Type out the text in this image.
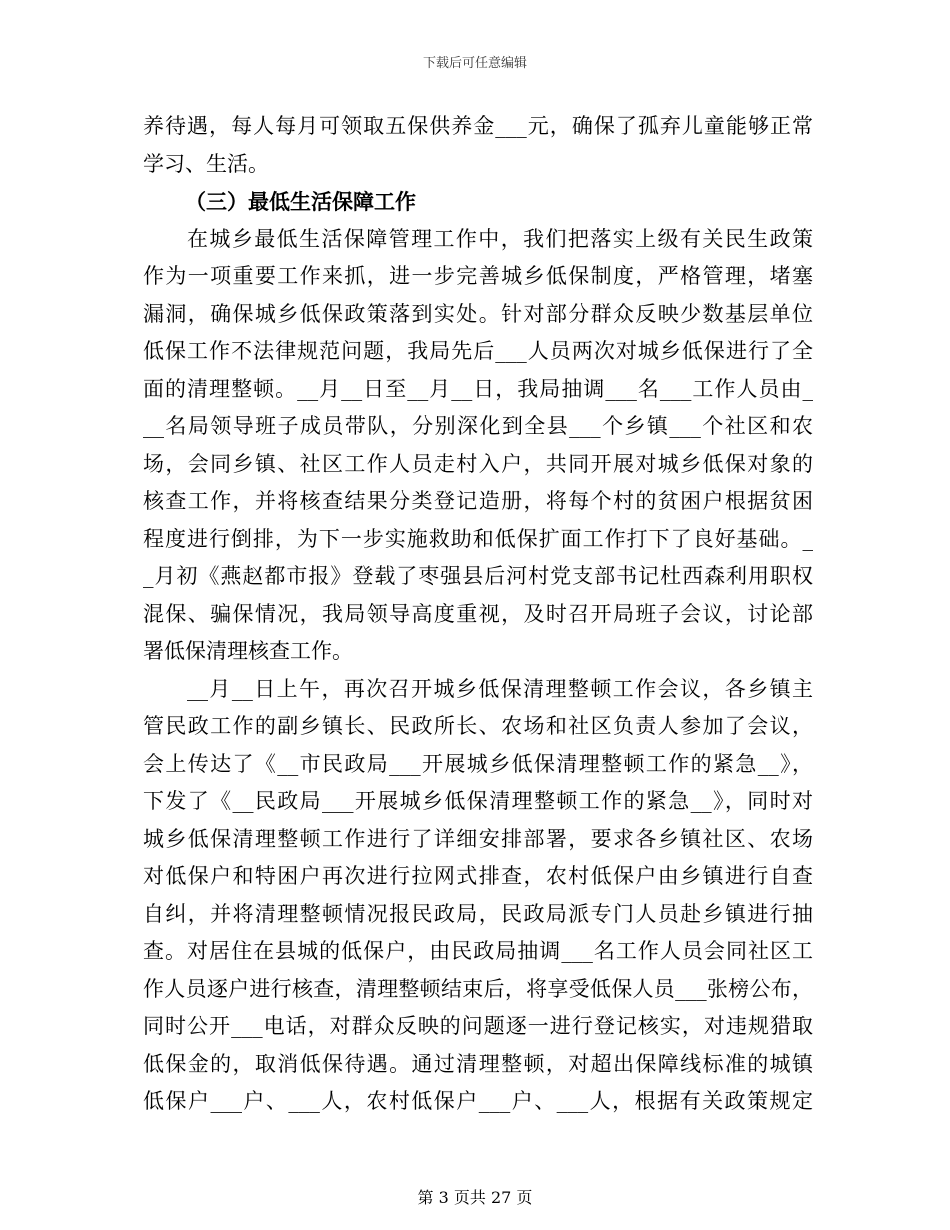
下载后可任意编辑
养待遇，每人每月可领取五保供养金___元，确保了孤弃儿童能够正常
学习、生活。
（三）最低生活保障工作
在城乡最低生活保障管理工作中，我们把落实上级有关民生政策
作为一项重要工作来抓，进一步完善城乡低保制度，严格管理，堵塞
漏洞，确保城乡低保政策落到实处。针对部分群众反映少数基层单位
低保工作不法律规范问题，我局先后___人员两次对城乡低保进行了全
面的清理整顿。__月__日至__月__日，我局抽调___名___工作人员由_
__名局领导班子成员带队，分别深化到全县___个乡镇___个社区和农
场，会同乡镇、社区工作人员走村入户，共同开展对城乡低保对象的
核查工作，并将核查结果分类登记造册，将每个村的贫困户根据贫困
程度进行倒排，为下一步实施救助和低保扩面工作打下了良好基础。_
_月初《燕赵都市报》登载了枣强县后河村党支部书记杜西森利用职权
混保、骗保情况，我局领导高度重视，及时召开局班子会议，讨论部
署低保清理核查工作。
__月__日上午，再次召开城乡低保清理整顿工作会议，各乡镇主
管民政工作的副乡镇长、民政所长、农场和社区负责人参加了会议，
会上传达了《__市民政局___开展城乡低保清理整顿工作的紧急__》，
下发了《__民政局___开展城乡低保清理整顿工作的紧急__》，同时对
城乡低保清理整顿工作进行了详细安排部署，要求各乡镇社区、农场
对低保户和特困户再次进行拉网式排查，农村低保户由乡镇进行自查
自纠，并将清理整顿情况报民政局，民政局派专门人员赴乡镇进行抽
查。对居住在县城的低保户，由民政局抽调___名工作人员会同社区工
作人员逐户进行核查，清理整顿结束后，将享受低保人员___张榜公布，
同时公开___电话，对群众反映的问题逐一进行登记核实，对违规猎取
低保金的，取消低保待遇。通过清理整顿，对超出保障线标准的城镇
低保户___户、___人，农村低保户___户、___人，根据有关政策规定
第 3 页共 27 页
